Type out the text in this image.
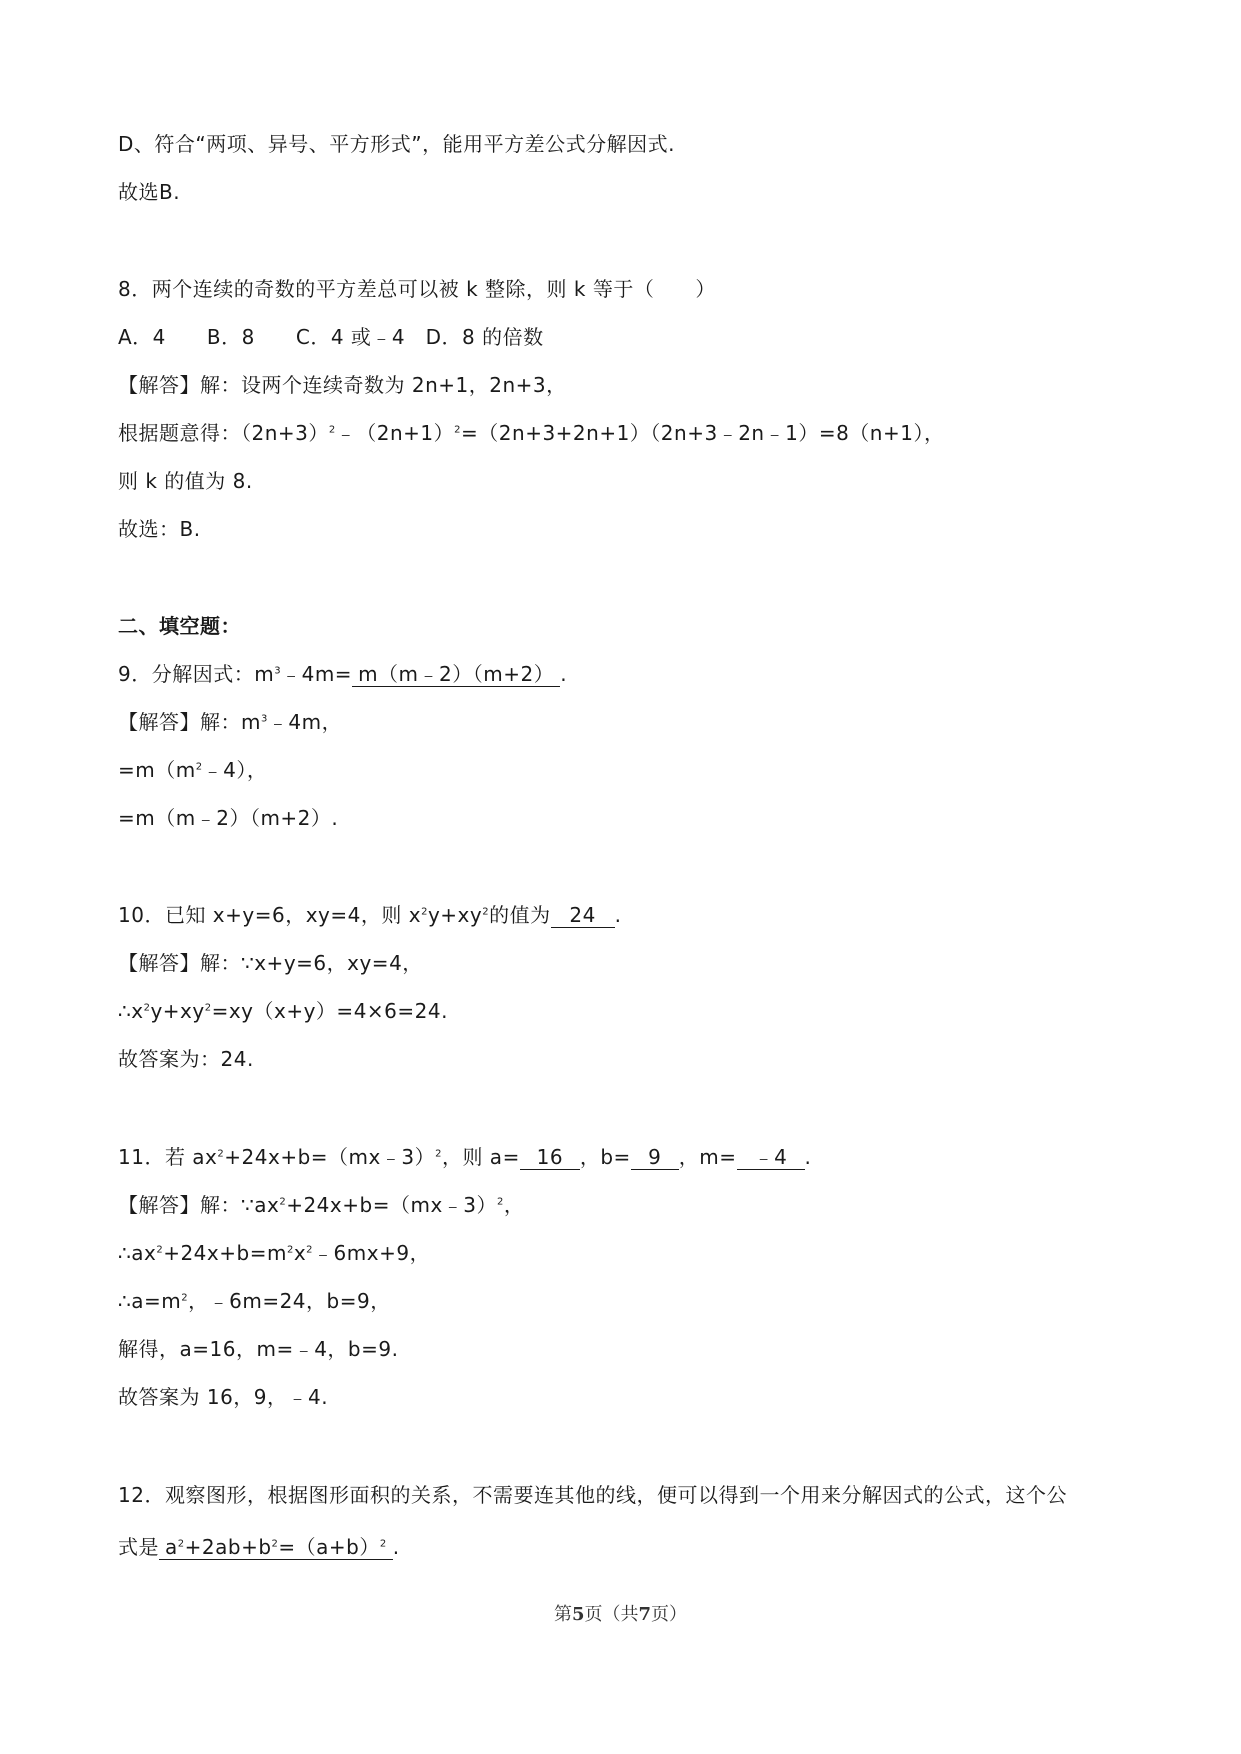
D、符合“两项、异号、平方形式”，能用平方差公式分解因式.
故选B.
8．两个连续的奇数的平方差总可以被 k 整除，则 k 等于（　　）
A．4　　B．8　　C．4 或﹣4　D．8 的倍数
【解答】解：设两个连续奇数为 2n+1，2n+3，
根据题意得：$(2n+3)^2﹣(2n+1)^2=(2n+3+2n+1)(2n+3﹣2n﹣1)=8(n+1)$，
则 k 的值为 8.
故选：B.
二、填空题：
9．分解因式：$m^3﹣4m=$ m（m﹣2）（m+2） .
【解答】解：$m^3﹣4m$，
$=m(m^2﹣4)$，
=m（m﹣2）（m+2）.
10．已知 x+y=6，xy=4，则 $x^2y+xy^2$的值为 24 .
【解答】解：∵x+y=6，xy=4，
$\therefore x^2y+xy^2=xy(x+y)=4\times 6=24$.
故答案为：24.
11．若 $ax^2+24x+b=(mx﹣3)^2$，则 a= 16 ，b= 9 ，m= ﹣4 .
【解答】解：$\because ax^2+24x+b=(mx﹣3)^2$，
$\therefore ax^2+24x+b=m^2x^2﹣6mx+9$，
$\therefore a=m^2$，﹣6m=24，b=9，
解得，a=16，m=﹣4，b=9.
故答案为 16，9，﹣4.
12．观察图形，根据图形面积的关系，不需要连其他的线，便可以得到一个用来分解因式的公式，这个公
式是 $a^2+2ab+b^2=(a+b)^2$ .
第5页（共7页）
